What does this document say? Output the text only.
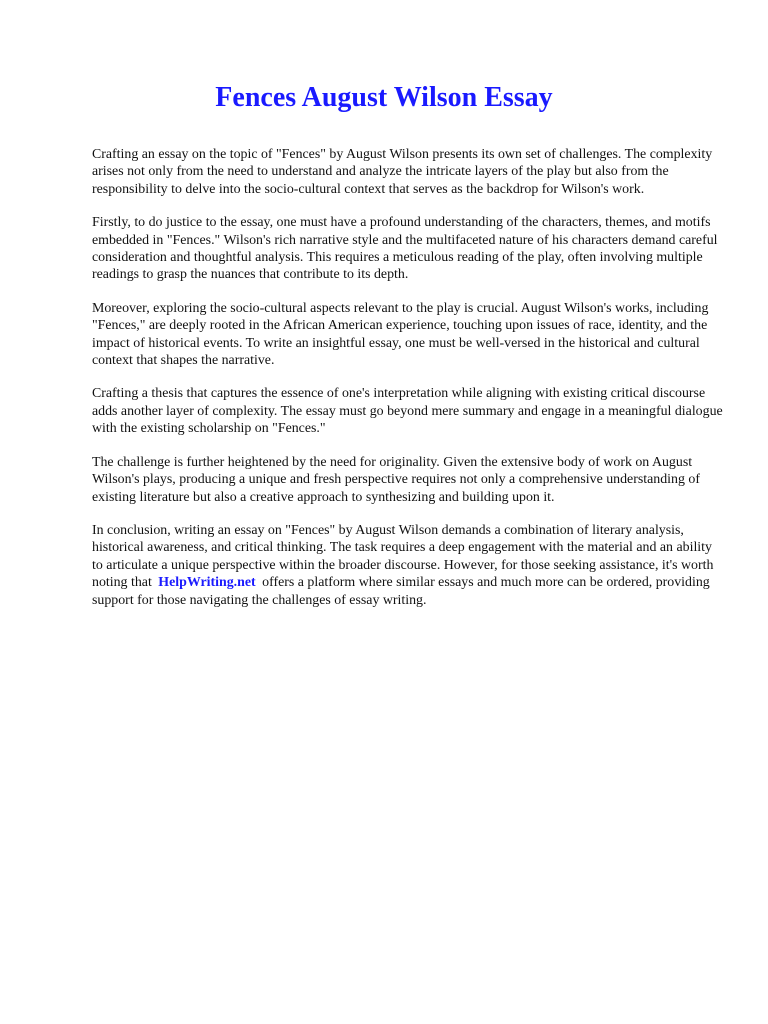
Fences August Wilson Essay

Crafting an essay on the topic of "Fences" by August Wilson presents its own set of challenges. The complexity arises not only from the need to understand and analyze the intricate layers of the play but also from the responsibility to delve into the socio-cultural context that serves as the backdrop for Wilson's work.

Firstly, to do justice to the essay, one must have a profound understanding of the characters, themes, and motifs embedded in "Fences." Wilson's rich narrative style and the multifaceted nature of his characters demand careful consideration and thoughtful analysis. This requires a meticulous reading of the play, often involving multiple readings to grasp the nuances that contribute to its depth.

Moreover, exploring the socio-cultural aspects relevant to the play is crucial. August Wilson's works, including "Fences," are deeply rooted in the African American experience, touching upon issues of race, identity, and the impact of historical events. To write an insightful essay, one must be well-versed in the historical and cultural context that shapes the narrative.

Crafting a thesis that captures the essence of one's interpretation while aligning with existing critical discourse adds another layer of complexity. The essay must go beyond mere summary and engage in a meaningful dialogue with the existing scholarship on "Fences."

The challenge is further heightened by the need for originality. Given the extensive body of work on August Wilson's plays, producing a unique and fresh perspective requires not only a comprehensive understanding of existing literature but also a creative approach to synthesizing and building upon it.

In conclusion, writing an essay on "Fences" by August Wilson demands a combination of literary analysis, historical awareness, and critical thinking. The task requires a deep engagement with the material and an ability to articulate a unique perspective within the broader discourse. However, for those seeking assistance, it's worth noting that HelpWriting.net offers a platform where similar essays and much more can be ordered, providing support for those navigating the challenges of essay writing.
